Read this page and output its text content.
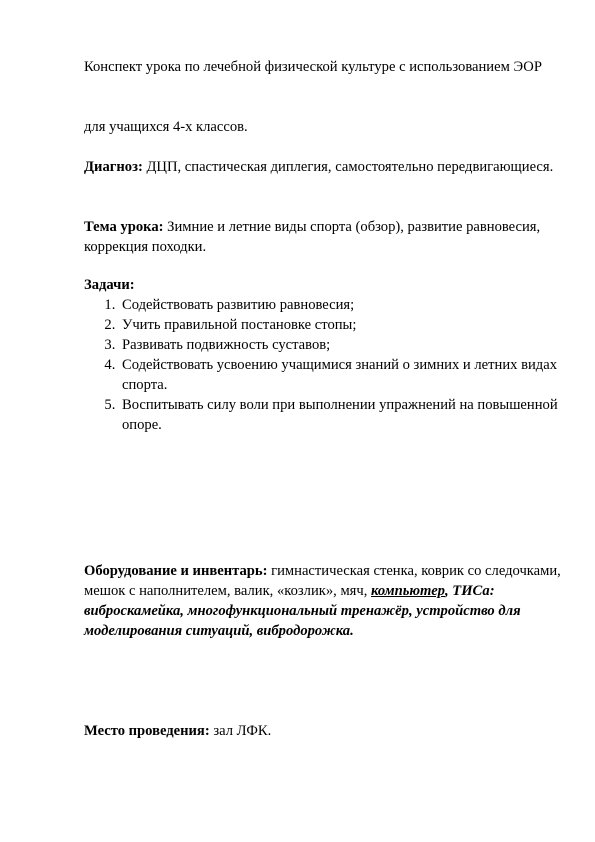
Конспект урока по лечебной физической культуре с использованием ЭОР

для учащихся 4-х классов.

Диагноз: ДЦП, спастическая диплегия, самостоятельно передвигающиеся.

Тема урока: Зимние и летние виды спорта (обзор), развитие равновесия, коррекция походки.

Задачи:

1. Содействовать развитию равновесия;
2. Учить правильной постановке стопы;
3. Развивать подвижность суставов;
4. Содействовать усвоению учащимися знаний о зимних и летних видах спорта.
5. Воспитывать силу воли при выполнении упражнений на повышенной опоре.

Оборудование и инвентарь: гимнастическая стенка, коврик со следочками, мешок с наполнителем, валик, «козлик», мяч, компьютер, ТИСа: виброскамейка, многофункциональный тренажёр, устройство для моделирования ситуаций, вибродорожка.

Место проведения: зал ЛФК.
